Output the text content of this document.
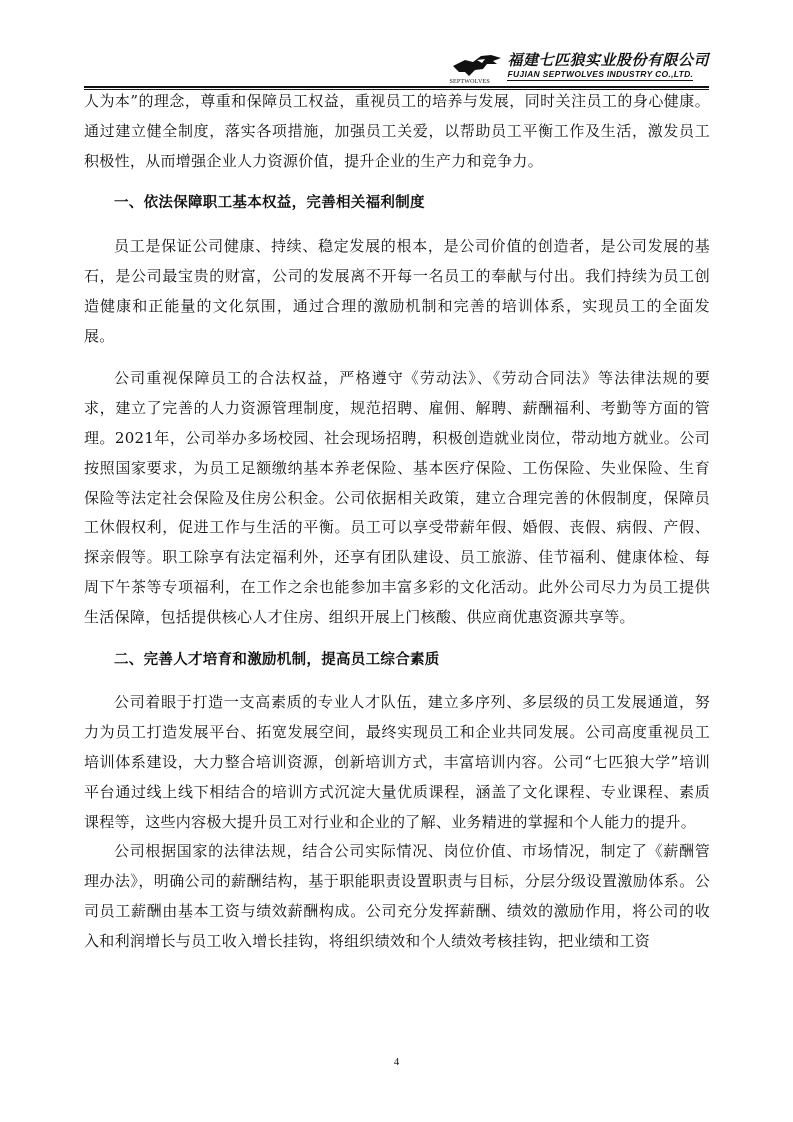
SEPTWOLVES
福建七匹狼实业股份有限公司
FUJIAN SEPTWOLVES INDUSTRY CO.,LTD.

人为本”的理念，尊重和保障员工权益，重视员工的培养与发展，同时关注员工的身心健康。通过建立健全制度，落实各项措施，加强员工关爱，以帮助员工平衡工作及生活，激发员工积极性，从而增强企业人力资源价值，提升企业的生产力和竞争力。

一、依法保障职工基本权益，完善相关福利制度

员工是保证公司健康、持续、稳定发展的根本，是公司价值的创造者，是公司发展的基石，是公司最宝贵的财富，公司的发展离不开每一名员工的奉献与付出。我们持续为员工创造健康和正能量的文化氛围，通过合理的激励机制和完善的培训体系，实现员工的全面发展。

公司重视保障员工的合法权益，严格遵守《劳动法》、《劳动合同法》等法律法规的要求，建立了完善的人力资源管理制度，规范招聘、雇佣、解聘、薪酬福利、考勤等方面的管理。2021年，公司举办多场校园、社会现场招聘，积极创造就业岗位，带动地方就业。公司按照国家要求，为员工足额缴纳基本养老保险、基本医疗保险、工伤保险、失业保险、生育保险等法定社会保险及住房公积金。公司依据相关政策，建立合理完善的休假制度，保障员工休假权利，促进工作与生活的平衡。员工可以享受带薪年假、婚假、丧假、病假、产假、探亲假等。职工除享有法定福利外，还享有团队建设、员工旅游、佳节福利、健康体检、每周下午茶等专项福利，在工作之余也能参加丰富多彩的文化活动。此外公司尽力为员工提供生活保障，包括提供核心人才住房、组织开展上门核酸、供应商优惠资源共享等。

二、完善人才培育和激励机制，提高员工综合素质

公司着眼于打造一支高素质的专业人才队伍，建立多序列、多层级的员工发展通道，努力为员工打造发展平台、拓宽发展空间，最终实现员工和企业共同发展。公司高度重视员工培训体系建设，大力整合培训资源，创新培训方式，丰富培训内容。公司“七匹狼大学”培训平台通过线上线下相结合的培训方式沉淀大量优质课程，涵盖了文化课程、专业课程、素质课程等，这些内容极大提升员工对行业和企业的了解、业务精进的掌握和个人能力的提升。

公司根据国家的法律法规，结合公司实际情况、岗位价值、市场情况，制定了《薪酬管理办法》，明确公司的薪酬结构，基于职能职责设置职责与目标，分层分级设置激励体系。公司员工薪酬由基本工资与绩效薪酬构成。公司充分发挥薪酬、绩效的激励作用，将公司的收入和利润增长与员工收入增长挂钩，将组织绩效和个人绩效考核挂钩，把业绩和工资

4
